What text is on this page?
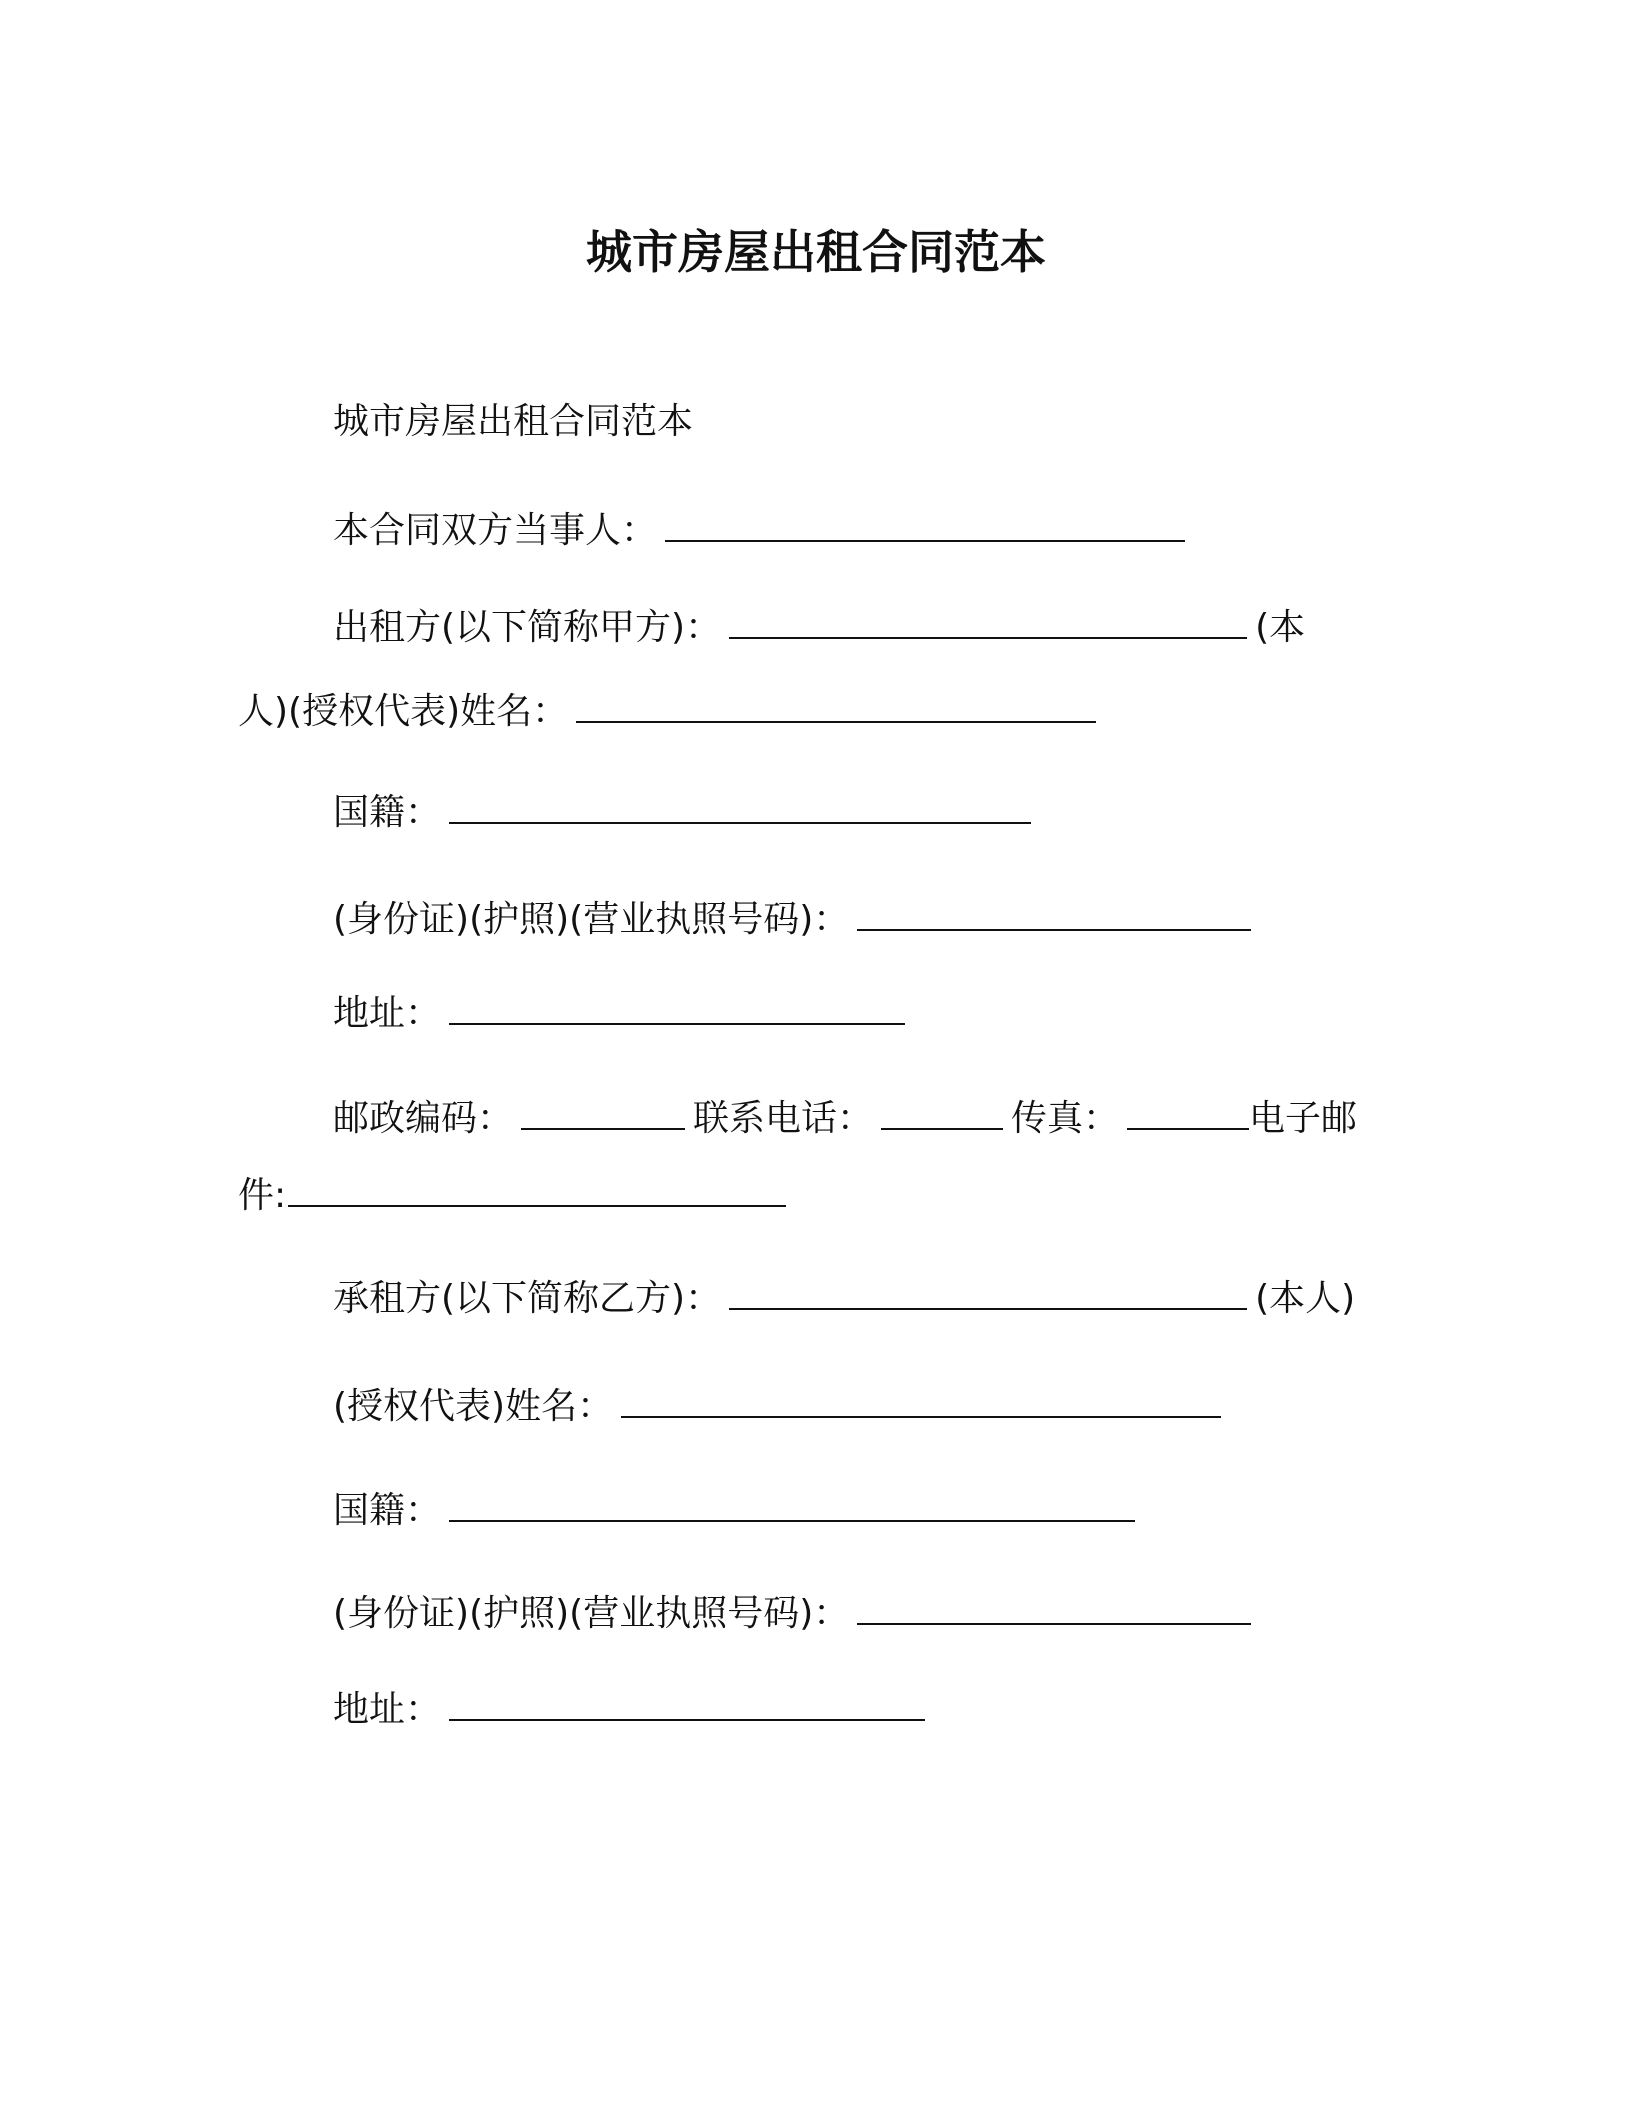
城市房屋出租合同范本
城市房屋出租合同范本
本合同双方当事人：
出租方(以下简称甲方)：	(本
人)(授权代表)姓名：
国籍：
(身份证)(护照)(营业执照号码)：
地址：
邮政编码：	联系电话：	传真：	电子邮
件:
承租方(以下简称乙方)：	(本人)
(授权代表)姓名：
国籍：
(身份证)(护照)(营业执照号码)：
地址：
